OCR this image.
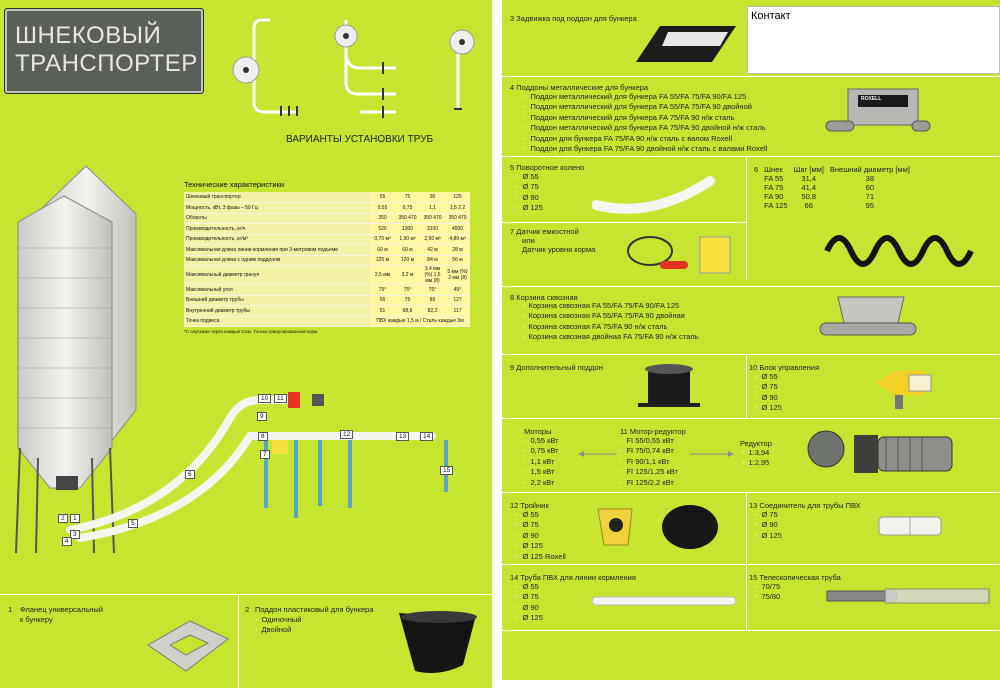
ШНЕКОВЫЙ
ТРАНСПОРТЕР
ВАРИАНТЫ УСТАНОВКИ ТРУБ
10	11
9
8
7
6
5
12	13	14
15
2	1
3
4
Технические характеристики
Шнековый транспортер	55	75	90	125
Мощность, кВт, 3 фазы – 50 Гц	0,55	0,75	1,1	1,5 2,2
Обороты	350	350 470	350 470	350 470
Производительность, кг/ч	520	1300	3100	4500
Производительность, кг/м³	0,70 м³	1,90 м³	2,50 м³	4,80 м³
Максимальная длина линии кормления при 3-метровом подъеме	60 м	60 м	42 м	28 м
Максимальная длина с одним поддоном	120 м	120 м	84 м	56 м
Максимальный диаметр гранул	2,5 мм	3,2 м	3,4 мм (%) 1,5 мм (8)	5 мм (%) 2 мм (8)
Максимальный угол	75°	75°	75°	45°
Внешний диаметр трубы	56	75	89	127
Внутренний диаметр трубы	51	68,6	82,2	117
Точка подвеса	ПВХ каждые 1,5 м / Сталь каждые 3м			
*С опусками через каждые 0,5м. Только гранулированный корм.
1 Фланец универсальный
к бункеру
2 Поддон пластиковый для бункера
• Одиночный
• Двойной
3 Задвижка под поддон для бункера	Контакт
4 Поддоны металлические для бункера
• Поддон металлический для бункера FA 55/FA 75/FA 90/FA 125
• Поддон металлический для бункера FA 55/FA 75/FA 90 двойной
• Поддон металлический для бункера FA 75/FA 90 н/ж сталь
• Поддон металлический для бункера FA 75/FA 90 двойной н/ж сталь
• Поддон для бункера FA 75/FA 90 н/ж сталь с валом Roxell
• Поддон для бункера FA 75/FA 90 двойной н/ж сталь с валами Roxell
ROXELL
5 Поворотное колено
• Ø 55
• Ø 75
• Ø 90
• Ø 125
6	Шнек	Шаг [мм]	Внешний диаметр [мм]
	FA 55	31,4	38
	FA 75	41,4	60
	FA 90	50,8	71
	FA 125	66	95
7 Датчик емкостной
или
Датчик уровня корма
8 Корзина сквозная
• Корзина сквозная FA 55/FA 75/FA 90/FA 125
• Корзина сквозная FA 55/FA 75/FA 90 двойная
• Корзина сквозная FA 75/FA 90 н/ж сталь
• Корзина сквозная двойная FA 75/FA 90 н/ж сталь
9 Дополнительный поддон	10 Блок управления
• Ø 55
• Ø 75
• Ø 90
• Ø 125
Моторы
• 0,55 кВт
• 0,75 кВт
• 1,1 кВт
• 1,5 кВт
• 2,2 кВт
11 Мотор-редуктор
• FI 55/0,55 кВт
• FI 75/0,74 кВт
• FI 90/1,1 кВт
• FI 125/1,25 кВт
• FI 125/2,2 кВт
Редуктор
• 1:3,94
• 1:2,95
12 Тройник
• Ø 55
• Ø 75
• Ø 90
• Ø 125
• Ø 125 Roxell
13 Соединитель для трубы ПВХ
• Ø 75
• Ø 90
• Ø 125
14 Труба ПВХ для линии кормления
• Ø 55
• Ø 75
• Ø 90
• Ø 125
15 Телескопическая труба
• 70/75
• 75/80
